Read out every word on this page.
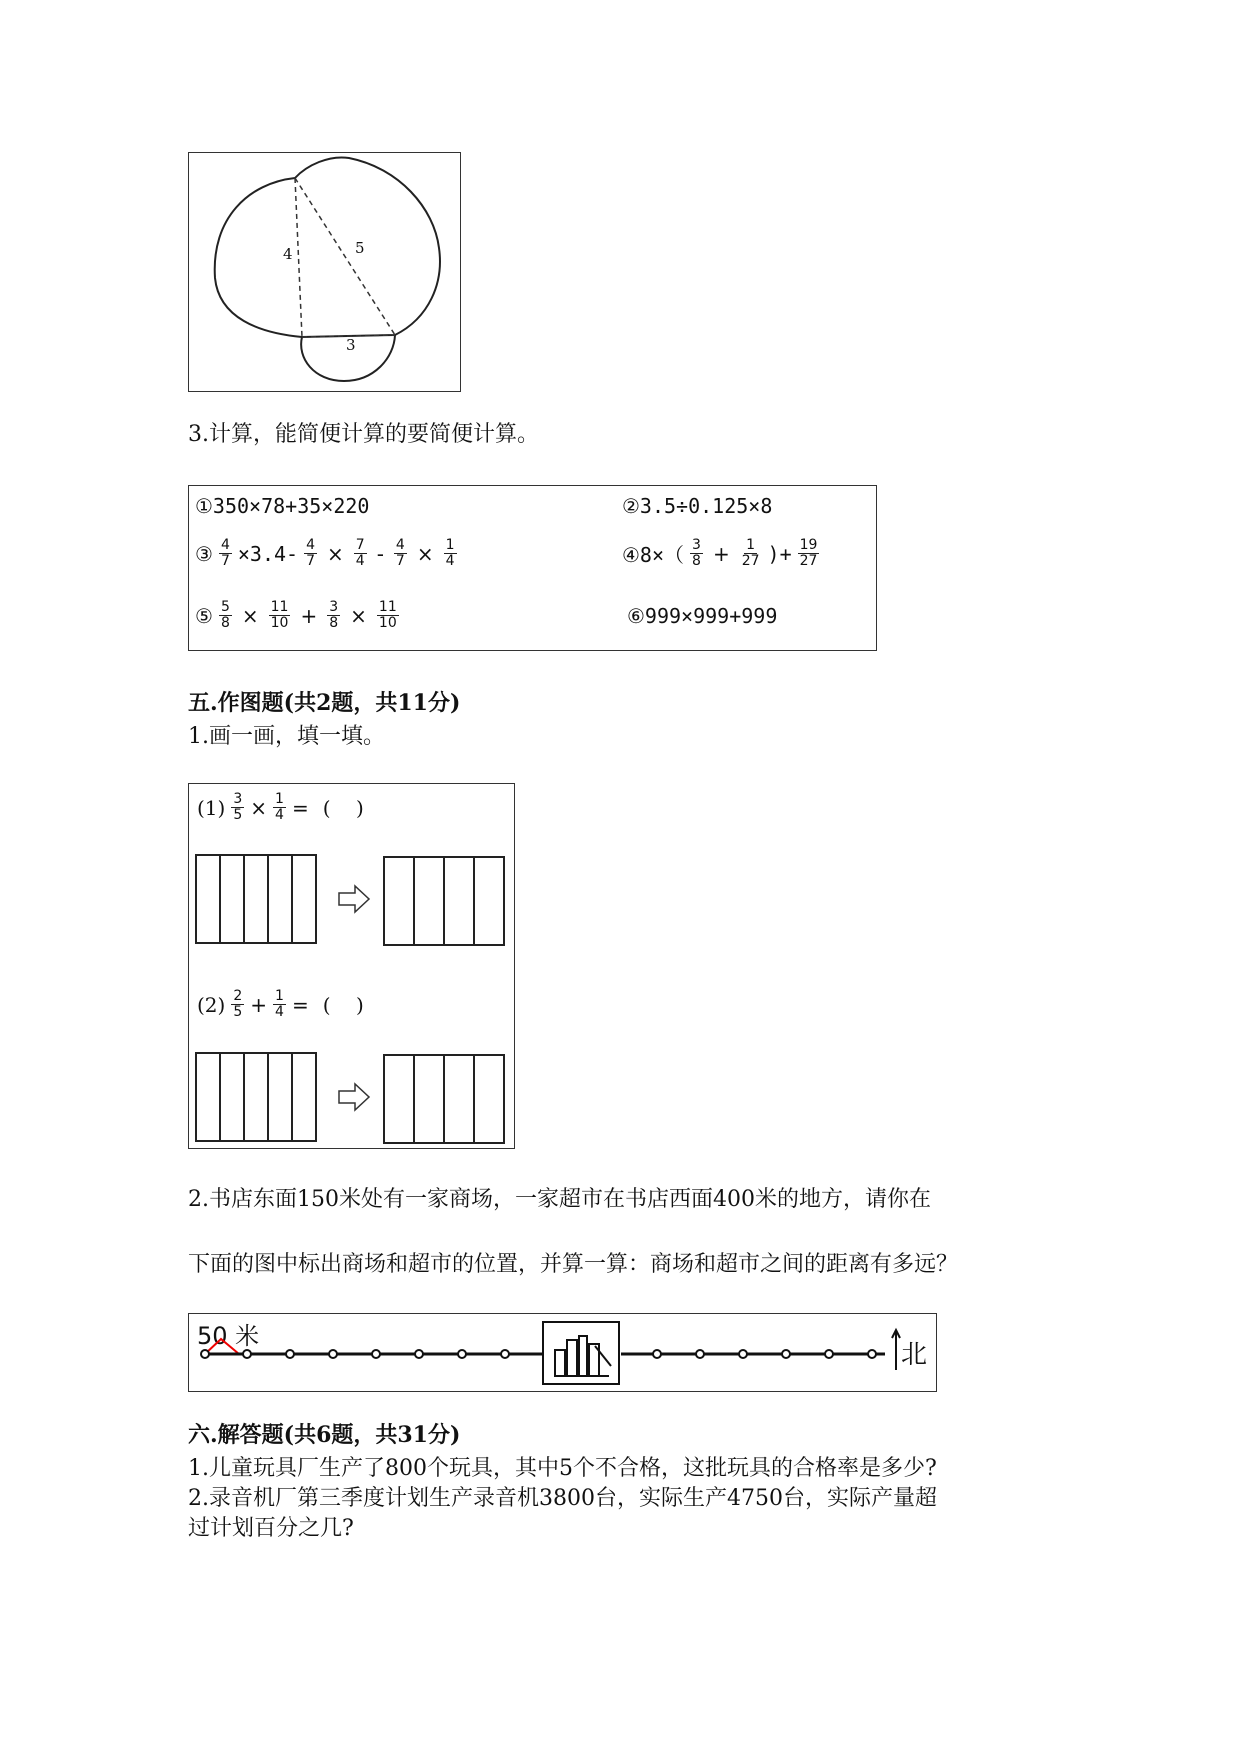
4	5
3
3.计算，能简便计算的要简便计算。
①350×78+35×220	②3.5÷0.125×8
③ $\frac{4}{7} \times 3.4- \frac{4}{7} \times \frac{7}{4} - \frac{4}{7} \times \frac{1}{4}$	④8×（ $\frac{3}{8} + \frac{1}{27}$ )+ $\frac{19}{27}$
⑤ $\frac{5}{8} \times \frac{11}{10} + \frac{3}{8} \times \frac{11}{10}$	⑥999×999+999
五.作图题(共2题，共11分)
1.画一画，填一填。
$(1) \frac{3}{5} \times \frac{1}{4}$ = (    )
$(2) \frac{2}{5} + \frac{1}{4}$ = (    )
2.书店东面150米处有一家商场，一家超市在书店西面400米的地方，请你在
下面的图中标出商场和超市的位置，并算一算：商场和超市之间的距离有多远？
50 米
北
六.解答题(共6题，共31分)
1.儿童玩具厂生产了800个玩具，其中5个不合格，这批玩具的合格率是多少?
2.录音机厂第三季度计划生产录音机3800台，实际生产4750台，实际产量超
过计划百分之几?
